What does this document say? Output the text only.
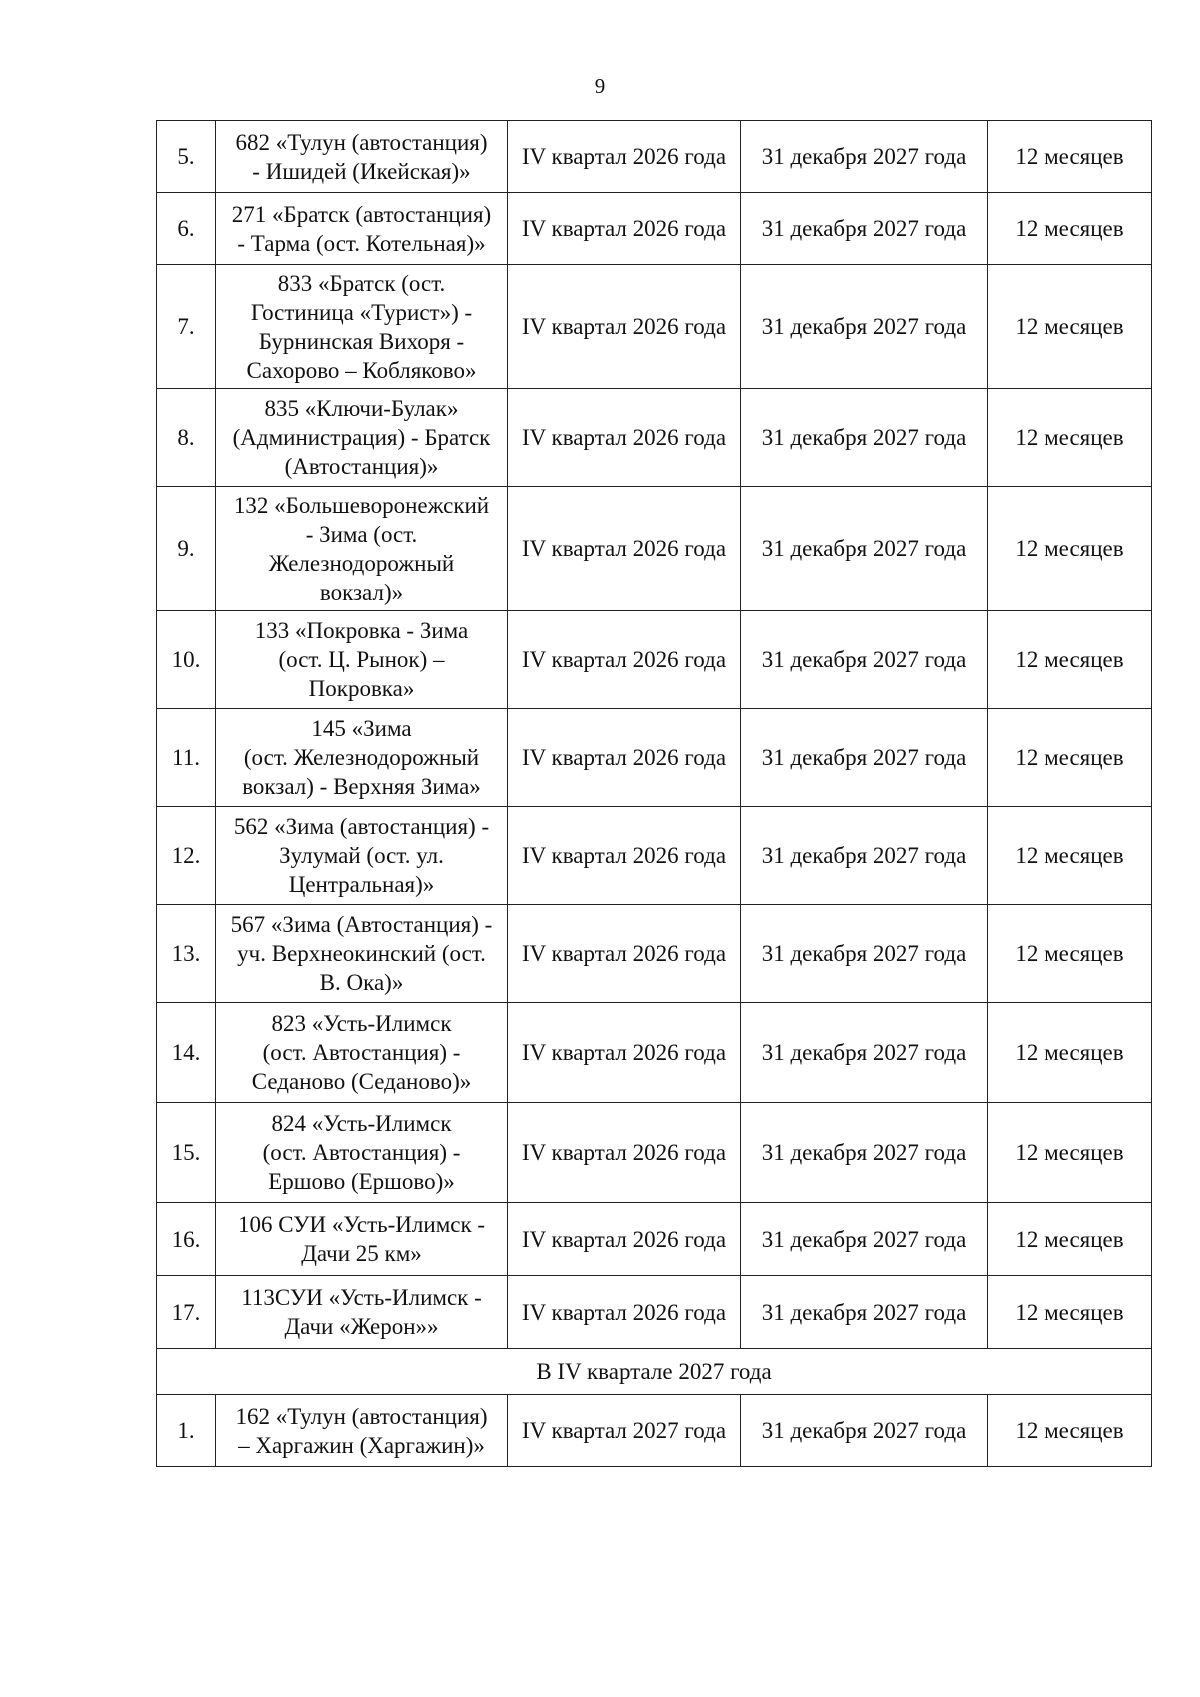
9
5.	682 «Тулун (автостанция)
- Ишидей (Икейская)»	IV квартал 2026 года	31 декабря 2027 года	12 месяцев
6.	271 «Братск (автостанция)
- Тарма (ост. Котельная)»	IV квартал 2026 года	31 декабря 2027 года	12 месяцев
7.	833 «Братск (ост.
Гостиница «Турист») -
Бурнинская Вихоря -
Сахорово – Кобляково»	IV квартал 2026 года	31 декабря 2027 года	12 месяцев
8.	835 «Ключи-Булак»
(Администрация) - Братск
(Автостанция)»	IV квартал 2026 года	31 декабря 2027 года	12 месяцев
9.	132 «Большеворонежский
- Зима (ост.
Железнодорожный
вокзал)»	IV квартал 2026 года	31 декабря 2027 года	12 месяцев
10.	133 «Покровка - Зима
(ост. Ц. Рынок) –
Покровка»	IV квартал 2026 года	31 декабря 2027 года	12 месяцев
11.	145 «Зима
(ост. Железнодорожный
вокзал) - Верхняя Зима»	IV квартал 2026 года	31 декабря 2027 года	12 месяцев
12.	562 «Зима (автостанция) -
Зулумай (ост. ул.
Центральная)»	IV квартал 2026 года	31 декабря 2027 года	12 месяцев
13.	567 «Зима (Автостанция) -
уч. Верхнеокинский (ост.
В. Ока)»	IV квартал 2026 года	31 декабря 2027 года	12 месяцев
14.	823 «Усть-Илимск
(ост. Автостанция) -
Седаново (Седаново)»	IV квартал 2026 года	31 декабря 2027 года	12 месяцев
15.	824 «Усть-Илимск
(ост. Автостанция) -
Ершово (Ершово)»	IV квартал 2026 года	31 декабря 2027 года	12 месяцев
16.	106 СУИ «Усть-Илимск -
Дачи 25 км»	IV квартал 2026 года	31 декабря 2027 года	12 месяцев
17.	113СУИ «Усть-Илимск -
Дачи «Жерон»»	IV квартал 2026 года	31 декабря 2027 года	12 месяцев
В IV квартале 2027 года				
1.	162 «Тулун (автостанция)
– Харгажин (Харгажин)»	IV квартал 2027 года	31 декабря 2027 года	12 месяцев
